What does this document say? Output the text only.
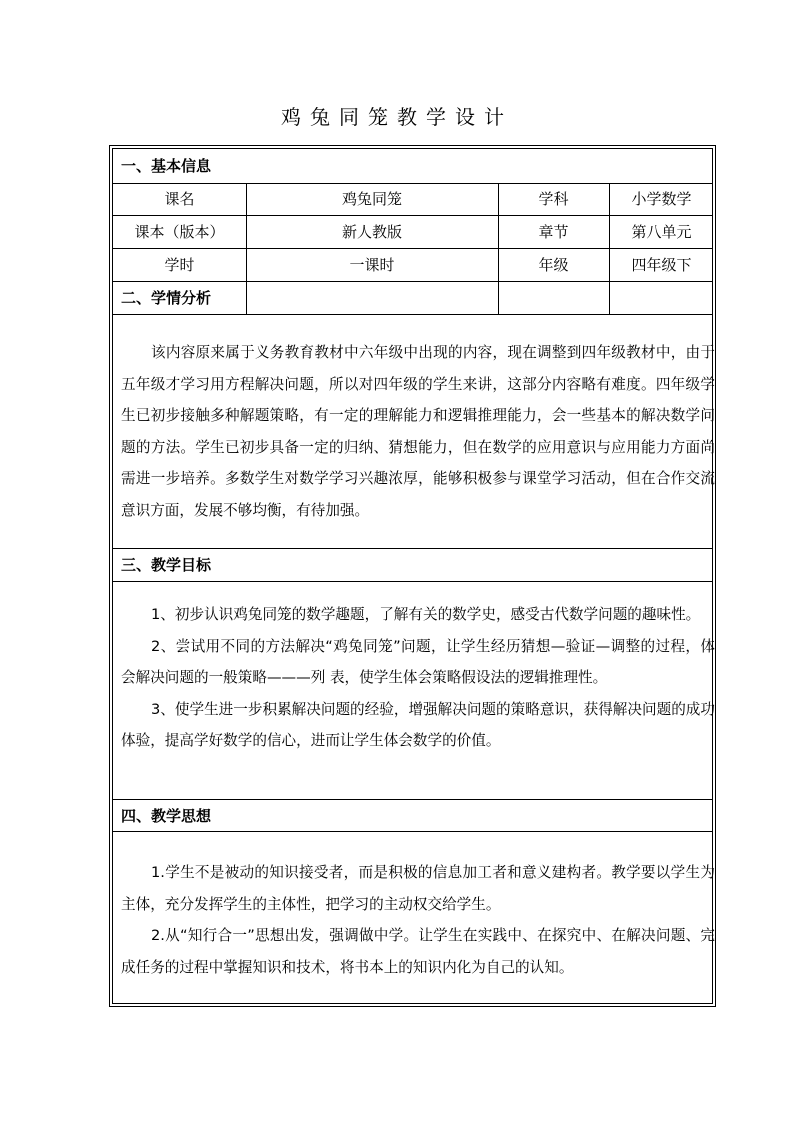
鸡兔同笼教学设计
一、基本信息
课名	鸡兔同笼	学科	小学数学
课本（版本）	新人教版	章节	第八单元
学时	一课时	年级	四年级下
二、学情分析

该内容原来属于义务教育教材中六年级中出现的内容，现在调整到四年级教材中，由于五年级才学习用方程解决问题，所以对四年级的学生来讲，这部分内容略有难度。四年级学生已初步接触多种解题策略，有一定的理解能力和逻辑推理能力，会一些基本的解决数学问题的方法。学生已初步具备一定的归纳、猜想能力，但在数学的应用意识与应用能力方面尚需进一步培养。多数学生对数学学习兴趣浓厚，能够积极参与课堂学习活动，但在合作交流意识方面，发展不够均衡，有待加强。

三、教学目标

1、初步认识鸡兔同笼的数学趣题，了解有关的数学史，感受古代数学问题的趣味性。

2、尝试用不同的方法解决“鸡兔同笼”问题，让学生经历猜想—验证—调整的过程，体会解决问题的一般策略———列 表，使学生体会策略假设法的逻辑推理性。

3、使学生进一步积累解决问题的经验，增强解决问题的策略意识，获得解决问题的成功体验，提高学好数学的信心，进而让学生体会数学的价值。

四、教学思想

1.学生不是被动的知识接受者，而是积极的信息加工者和意义建构者。教学要以学生为主体，充分发挥学生的主体性，把学习的主动权交给学生。

2.从“知行合一”思想出发，强调做中学。让学生在实践中、在探究中、在解决问题、完成任务的过程中掌握知识和技术，将书本上的知识内化为自己的认知。
